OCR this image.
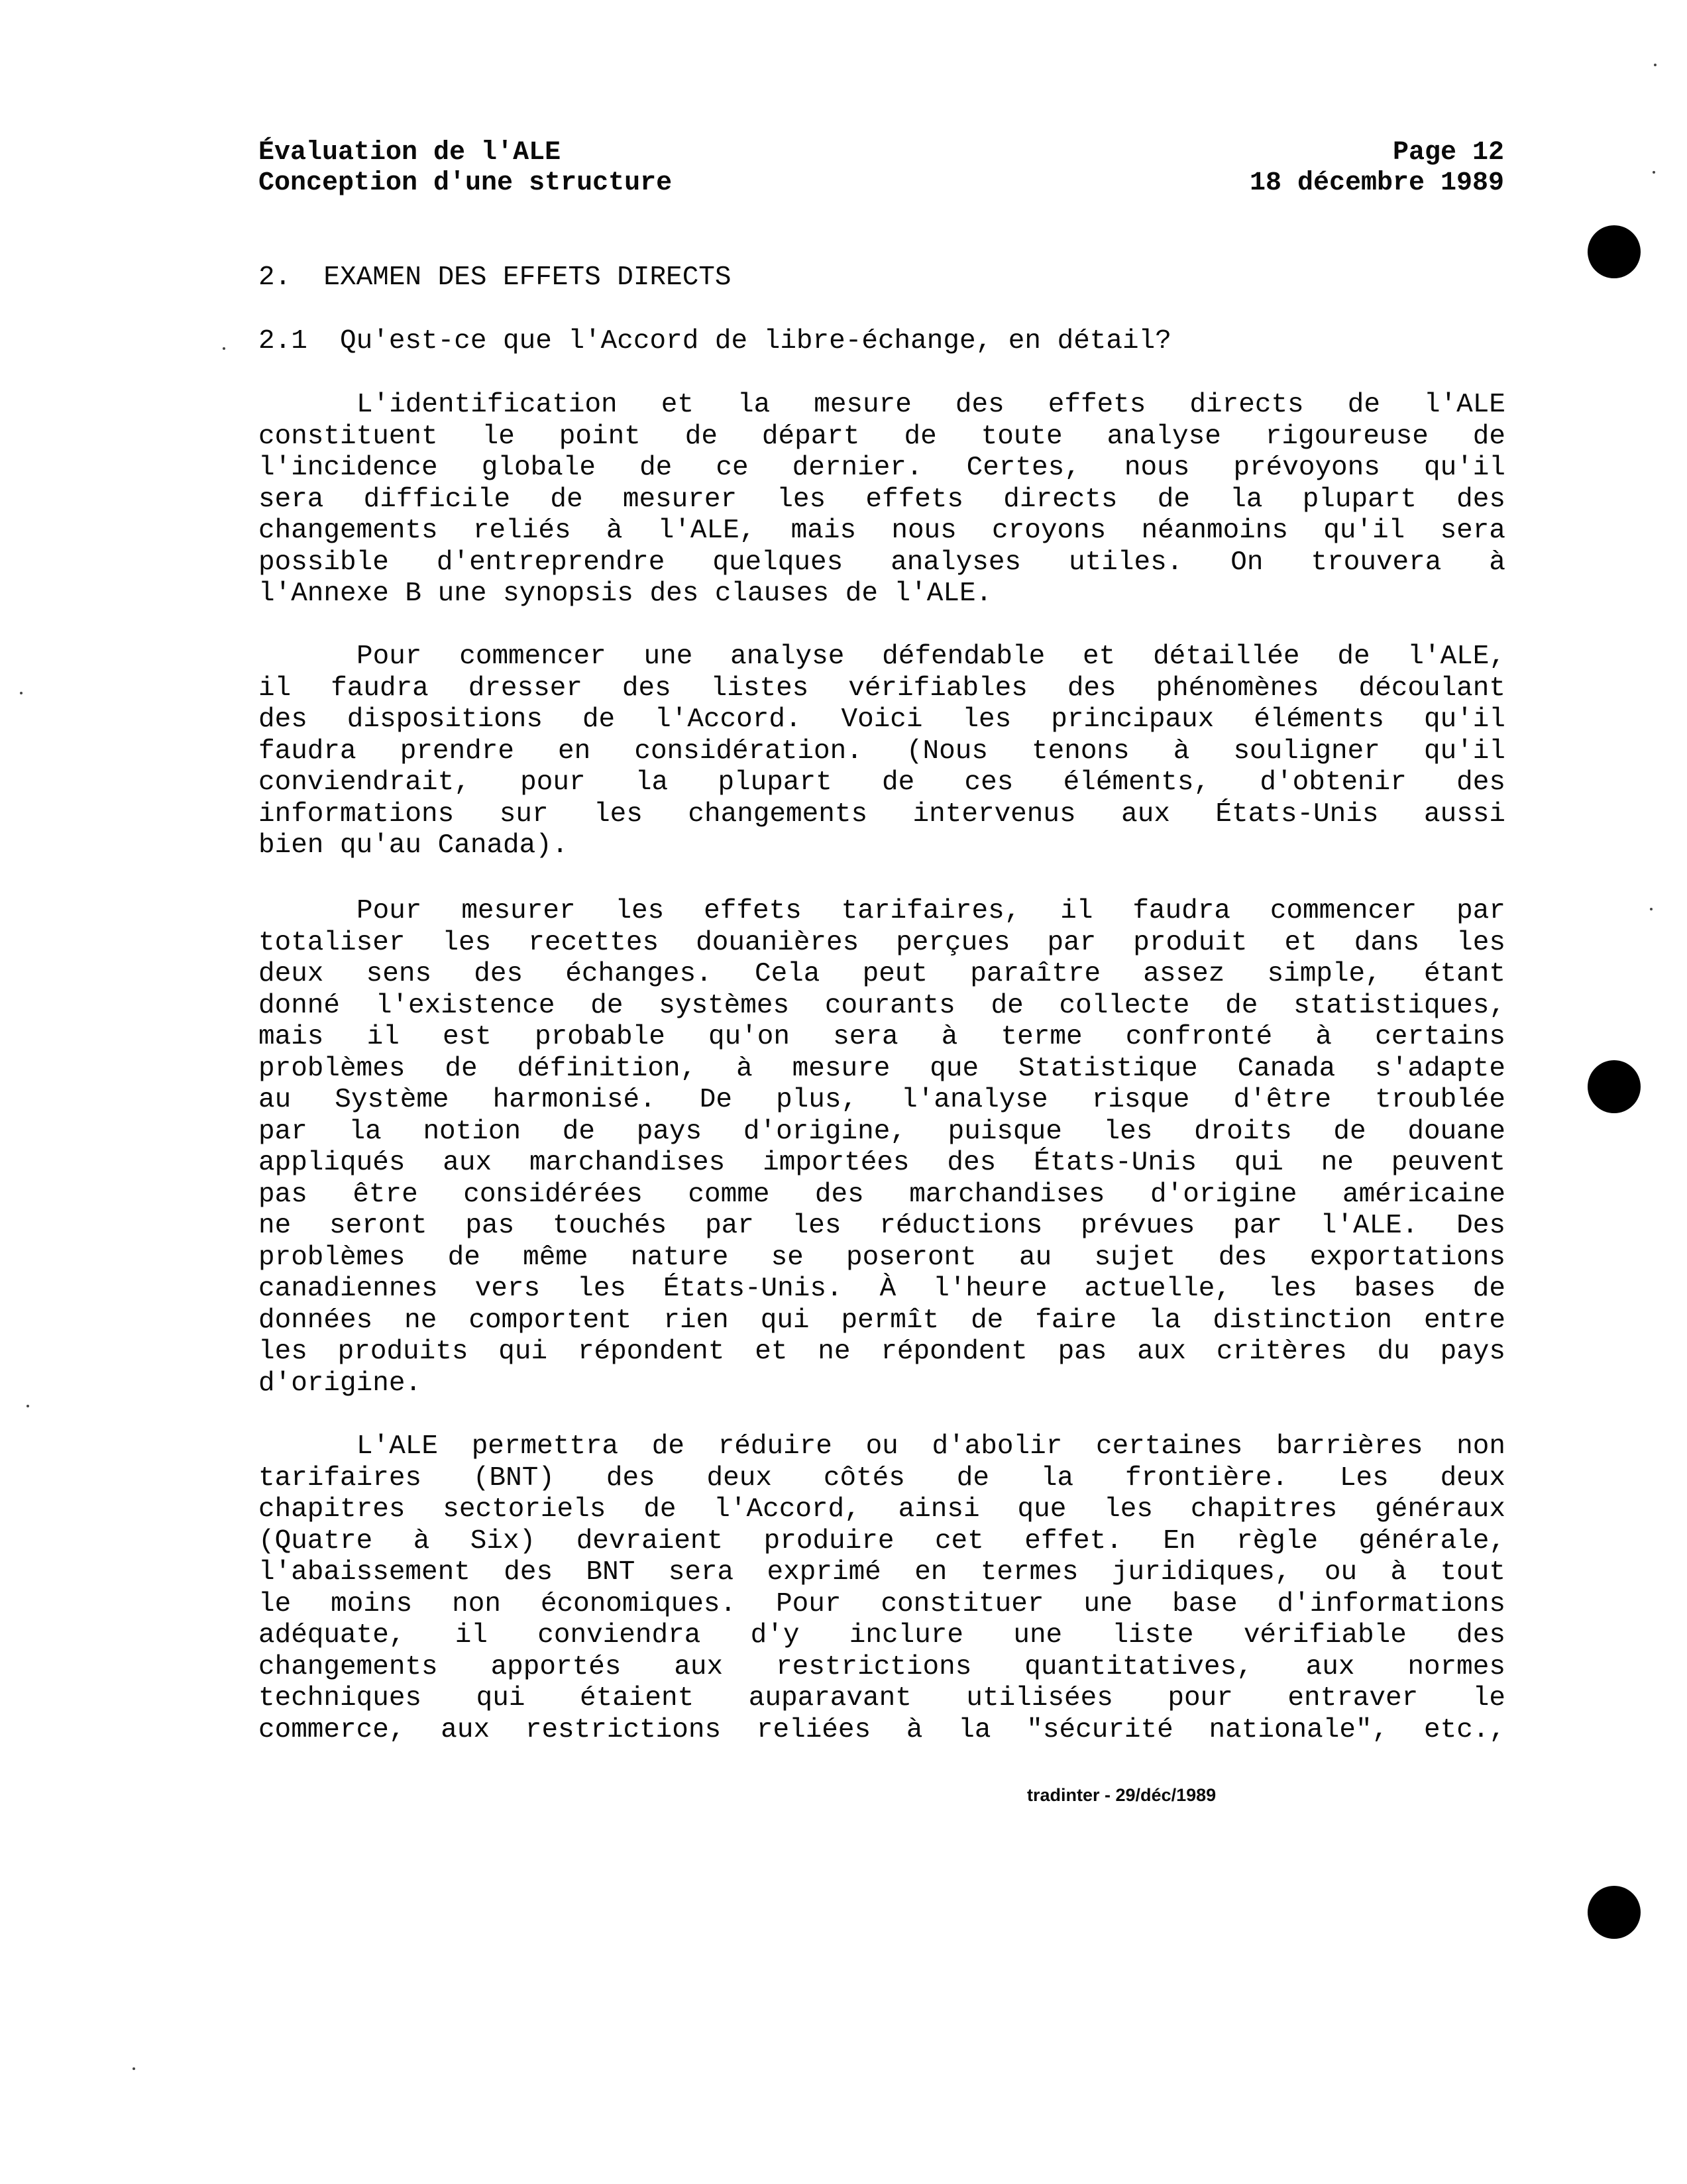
Évaluation de l'ALE
Conception d'une structure
Page 12
18 décembre 1989
2.  EXAMEN DES EFFETS DIRECTS
2.1  Qu'est-ce que l'Accord de libre-échange, en détail?
L'identification et la mesure des effets directs de l'ALE
constituent le point de départ de toute analyse rigoureuse de
l'incidence globale de ce dernier. Certes, nous prévoyons qu'il
sera difficile de mesurer les effets directs de la plupart des
changements reliés à l'ALE, mais nous croyons néanmoins qu'il sera
possible d'entreprendre quelques analyses utiles. On trouvera à
l'Annexe B une synopsis des clauses de l'ALE.
Pour commencer une analyse défendable et détaillée de l'ALE,
il faudra dresser des listes vérifiables des phénomènes découlant
des dispositions de l'Accord. Voici les principaux éléments qu'il
faudra prendre en considération. (Nous tenons à souligner qu'il
conviendrait, pour la plupart de ces éléments, d'obtenir des
informations sur les changements intervenus aux États-Unis aussi
bien qu'au Canada).
Pour mesurer les effets tarifaires, il faudra commencer par
totaliser les recettes douanières perçues par produit et dans les
deux sens des échanges. Cela peut paraître assez simple, étant
donné l'existence de systèmes courants de collecte de statistiques,
mais il est probable qu'on sera à terme confronté à certains
problèmes de définition, à mesure que Statistique Canada s'adapte
au Système harmonisé. De plus, l'analyse risque d'être troublée
par la notion de pays d'origine, puisque les droits de douane
appliqués aux marchandises importées des États-Unis qui ne peuvent
pas être considérées comme des marchandises d'origine américaine
ne seront pas touchés par les réductions prévues par l'ALE. Des
problèmes de même nature se poseront au sujet des exportations
canadiennes vers les États-Unis. À l'heure actuelle, les bases de
données ne comportent rien qui permît de faire la distinction entre
les produits qui répondent et ne répondent pas aux critères du pays
d'origine.
L'ALE permettra de réduire ou d'abolir certaines barrières non
tarifaires (BNT) des deux côtés de la frontière. Les deux
chapitres sectoriels de l'Accord, ainsi que les chapitres généraux
(Quatre à Six) devraient produire cet effet. En règle générale,
l'abaissement des BNT sera exprimé en termes juridiques, ou à tout
le moins non économiques. Pour constituer une base d'informations
adéquate, il conviendra d'y inclure une liste vérifiable des
changements apportés aux restrictions quantitatives, aux normes
techniques qui étaient auparavant utilisées pour entraver le
commerce, aux restrictions reliées à la "sécurité nationale", etc.,
tradinter - 29/déc/1989
